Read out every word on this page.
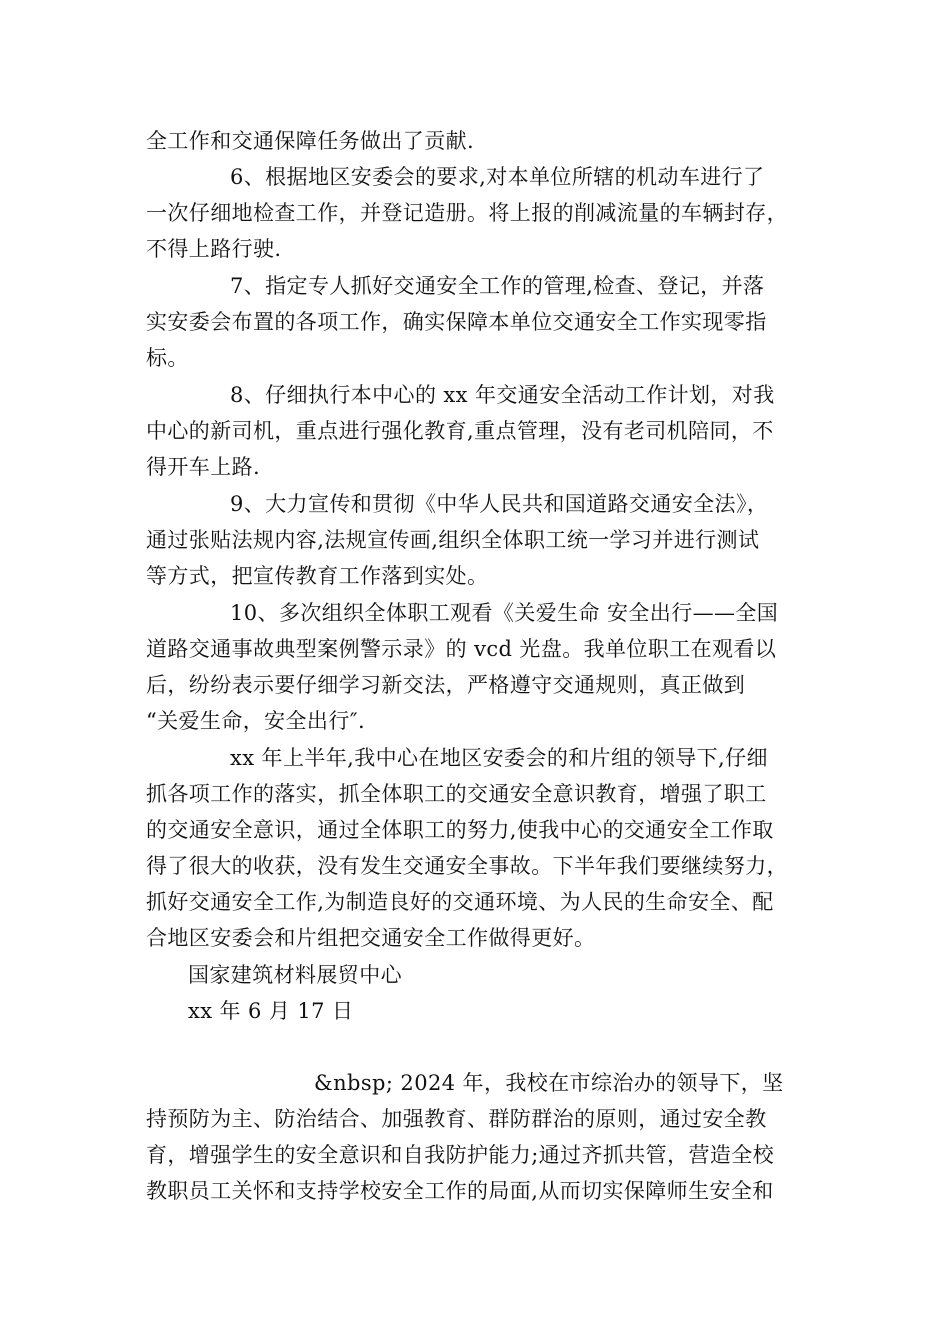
全工作和交通保障任务做出了贡献.
6、根据地区安委会的要求,对本单位所辖的机动车进行了
一次仔细地检查工作，并登记造册。将上报的削减流量的车辆封存，
不得上路行驶.
7、指定专人抓好交通安全工作的管理,检查、登记，并落
实安委会布置的各项工作，确实保障本单位交通安全工作实现零指
标。
8、仔细执行本中心的 xx 年交通安全活动工作计划，对我
中心的新司机，重点进行强化教育,重点管理，没有老司机陪同，不
得开车上路.
9、大力宣传和贯彻《中华人民共和国道路交通安全法》，
通过张贴法规内容,法规宣传画,组织全体职工统一学习并进行测试
等方式，把宣传教育工作落到实处。
10、多次组织全体职工观看《关爱生命 安全出行——全国
道路交通事故典型案例警示录》的 vcd 光盘。我单位职工在观看以
后，纷纷表示要仔细学习新交法，严格遵守交通规则，真正做到
“关爱生命，安全出行″.
xx 年上半年,我中心在地区安委会的和片组的领导下,仔细
抓各项工作的落实，抓全体职工的交通安全意识教育，增强了职工
的交通安全意识，通过全体职工的努力,使我中心的交通安全工作取
得了很大的收获，没有发生交通安全事故。下半年我们要继续努力，
抓好交通安全工作,为制造良好的交通环境、为人民的生命安全、配
合地区安委会和片组把交通安全工作做得更好。
国家建筑材料展贸中心
xx 年 6 月 17 日
&nbsp; 2024 年，我校在市综治办的领导下，坚
持预防为主、防治结合、加强教育、群防群治的原则，通过安全教
育，增强学生的安全意识和自我防护能力;通过齐抓共管，营造全校
教职员工关怀和支持学校安全工作的局面,从而切实保障师生安全和
